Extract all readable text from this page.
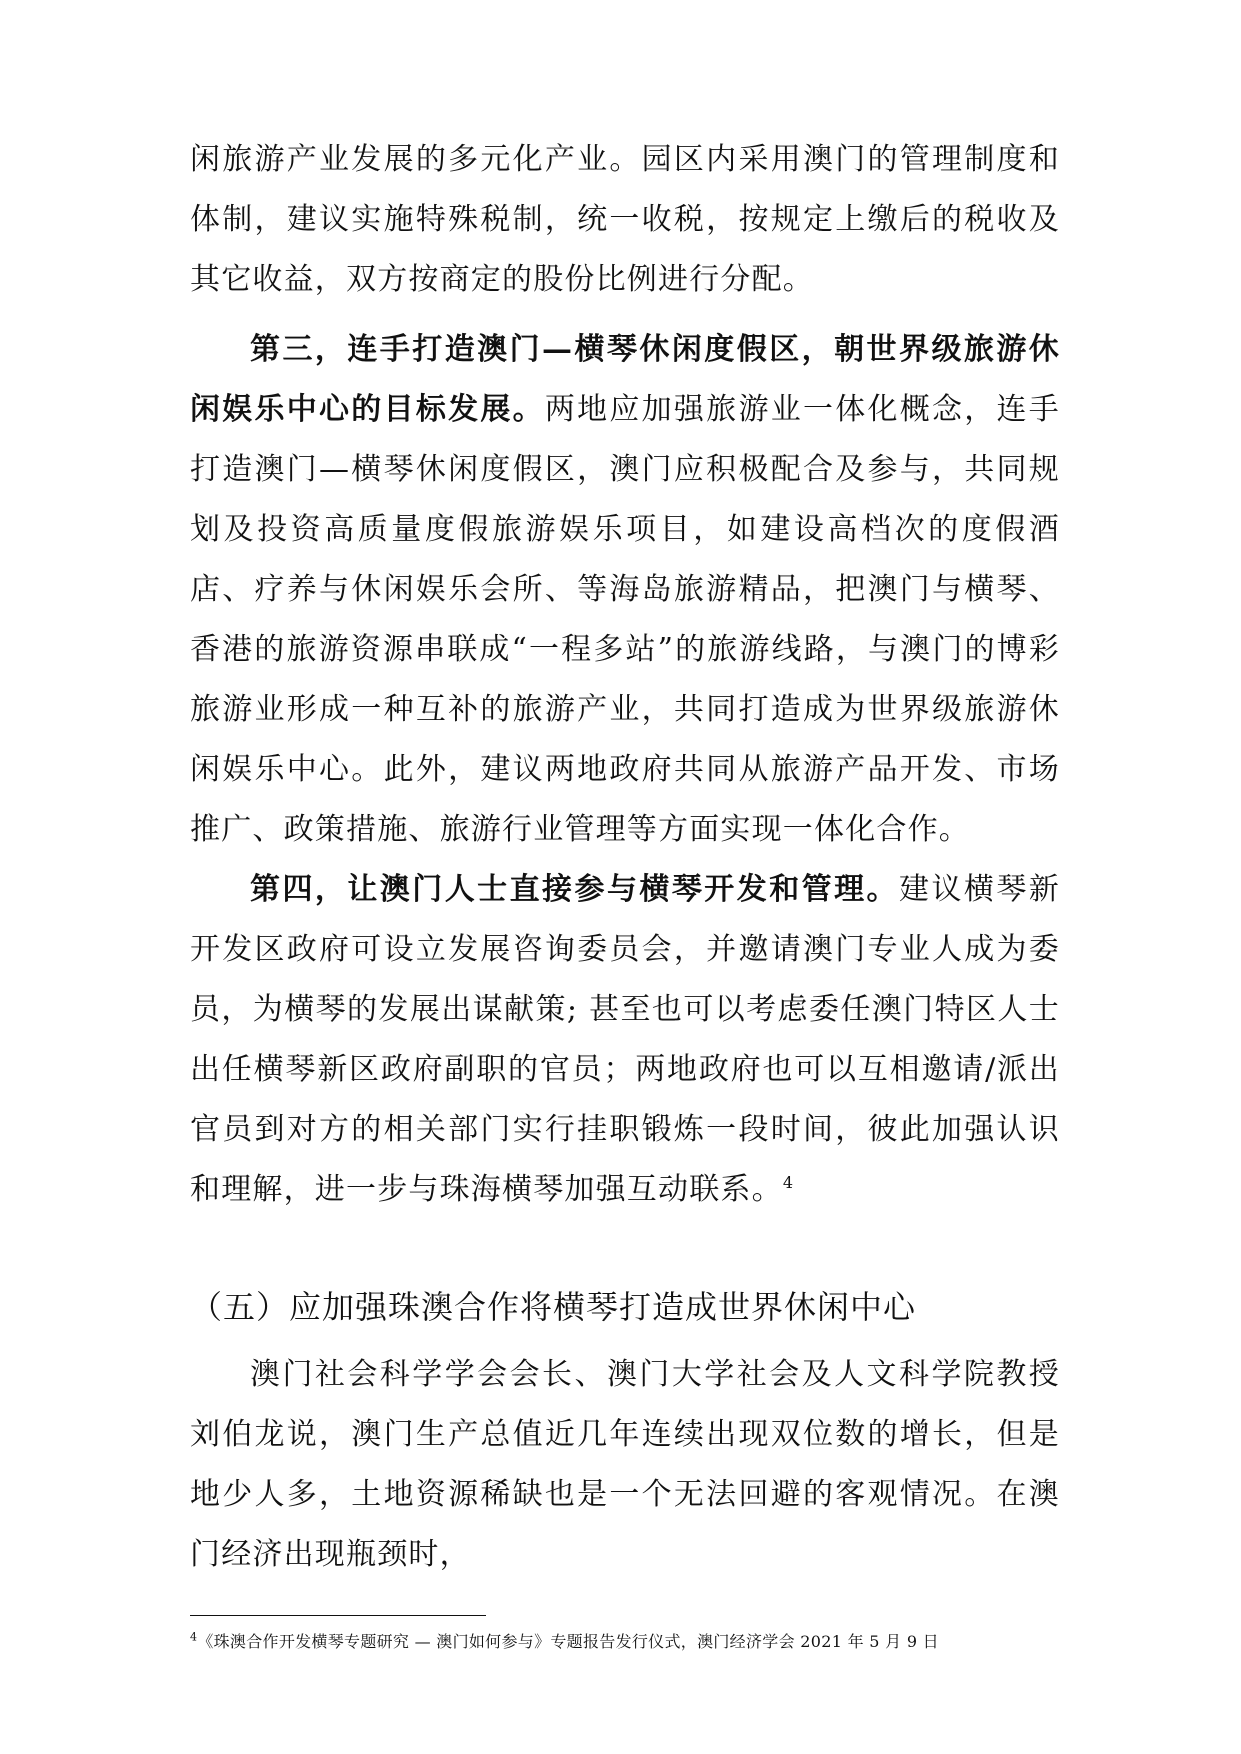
闲旅游产业发展的多元化产业。园区内采用澳门的管理制度和体制，建议实施特殊税制，统一收税，按规定上缴后的税收及其它收益，双方按商定的股份比例进行分配。

第三，连手打造澳门—横琴休闲度假区，朝世界级旅游休闲娱乐中心的目标发展。两地应加强旅游业一体化概念，连手打造澳门—横琴休闲度假区，澳门应积极配合及参与，共同规划及投资高质量度假旅游娱乐项目，如建设高档次的度假酒店、疗养与休闲娱乐会所、等海岛旅游精品，把澳门与横琴、香港的旅游资源串联成“一程多站”的旅游线路，与澳门的博彩旅游业形成一种互补的旅游产业，共同打造成为世界级旅游休闲娱乐中心。此外，建议两地政府共同从旅游产品开发、市场推广、政策措施、旅游行业管理等方面实现一体化合作。

第四，让澳门人士直接参与横琴开发和管理。建议横琴新开发区政府可设立发展咨询委员会，并邀请澳门专业人成为委员，为横琴的发展出谋献策; 甚至也可以考虑委任澳门特区人士出任横琴新区政府副职的官员；两地政府也可以互相邀请/派出官员到对方的相关部门实行挂职锻炼一段时间，彼此加强认识和理解，进一步与珠海横琴加强互动联系。$^4$

（五）应加强珠澳合作将横琴打造成世界休闲中心

澳门社会科学学会会长、澳门大学社会及人文科学院教授刘伯龙说，澳门生产总值近几年连续出现双位数的增长，但是地少人多，土地资源稀缺也是一个无法回避的客观情况。在澳门经济出现瓶颈时，

$^4$《珠澳合作开发横琴专题研究 — 澳门如何参与》专题报告发行仪式，澳门经济学会 2021 年 5 月 9 日
